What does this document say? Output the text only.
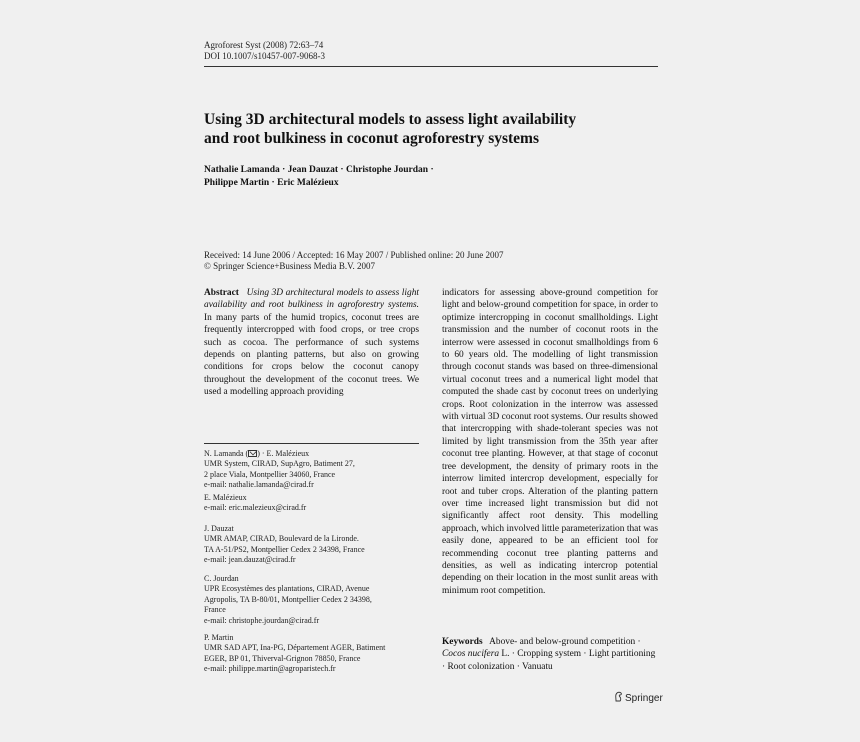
Agroforest Syst (2008) 72:63–74
DOI 10.1007/s10457-007-9068-3
Using 3D architectural models to assess light availability
and root bulkiness in coconut agroforestry systems
Nathalie Lamanda · Jean Dauzat · Christophe Jourdan ·
Philippe Martin · Eric Malézieux
Received: 14 June 2006 / Accepted: 16 May 2007 / Published online: 20 June 2007
© Springer Science+Business Media B.V. 2007
Abstract Using 3D architectural models to assess light availability and root bulkiness in agroforestry systems. In many parts of the humid tropics, coconut trees are frequently intercropped with food crops, or tree crops such as cocoa. The performance of such systems depends on planting patterns, but also on growing conditions for crops below the coconut canopy throughout the development of the coconut trees. We used a modelling approach providing
indicators for assessing above-ground competition for light and below-ground competition for space, in order to optimize intercropping in coconut smallholdings. Light transmission and the number of coconut roots in the interrow were assessed in coconut smallholdings from 6 to 60 years old. The modelling of light transmission through coconut stands was based on three-dimensional virtual coconut trees and a numerical light model that computed the shade cast by coconut trees on underlying crops. Root colonization in the interrow was assessed with virtual 3D coconut root systems. Our results showed that intercropping with shade-tolerant species was not limited by light transmission from the 35th year after coconut tree planting. However, at that stage of coconut tree development, the density of primary roots in the interrow limited intercrop development, especially for root and tuber crops. Alteration of the planting pattern over time increased light transmission but did not significantly affect root density. This modelling approach, which involved little parameterization that was easily done, appeared to be an efficient tool for recommending coconut tree planting patterns and densities, as well as indicating intercrop potential depending on their location in the most sunlit areas with minimum root competition.
N. Lamanda ( ) · E. Malézieux
UMR System, CIRAD, SupAgro, Batiment 27,
2 place Viala, Montpellier 34060, France
e-mail: nathalie.lamanda@cirad.fr
E. Malézieux
e-mail: eric.malezieux@cirad.fr
J. Dauzat
UMR AMAP, CIRAD, Boulevard de la Lironde.
TA A-51/PS2, Montpellier Cedex 2 34398, France
e-mail: jean.dauzat@cirad.fr
C. Jourdan
UPR Ecosystèmes des plantations, CIRAD, Avenue
Agropolis, TA B-80/01, Montpellier Cedex 2 34398,
France
e-mail: christophe.jourdan@cirad.fr
P. Martin
UMR SAD APT, Ina-PG, Département AGER, Batiment
EGER, BP 01, Thiverval-Grignon 78850, France
e-mail: philippe.martin@agroparistech.fr
Keywords Above- and below-ground competition · Cocos nucifera L. · Cropping system · Light partitioning · Root colonization · Vanuatu
Springer
